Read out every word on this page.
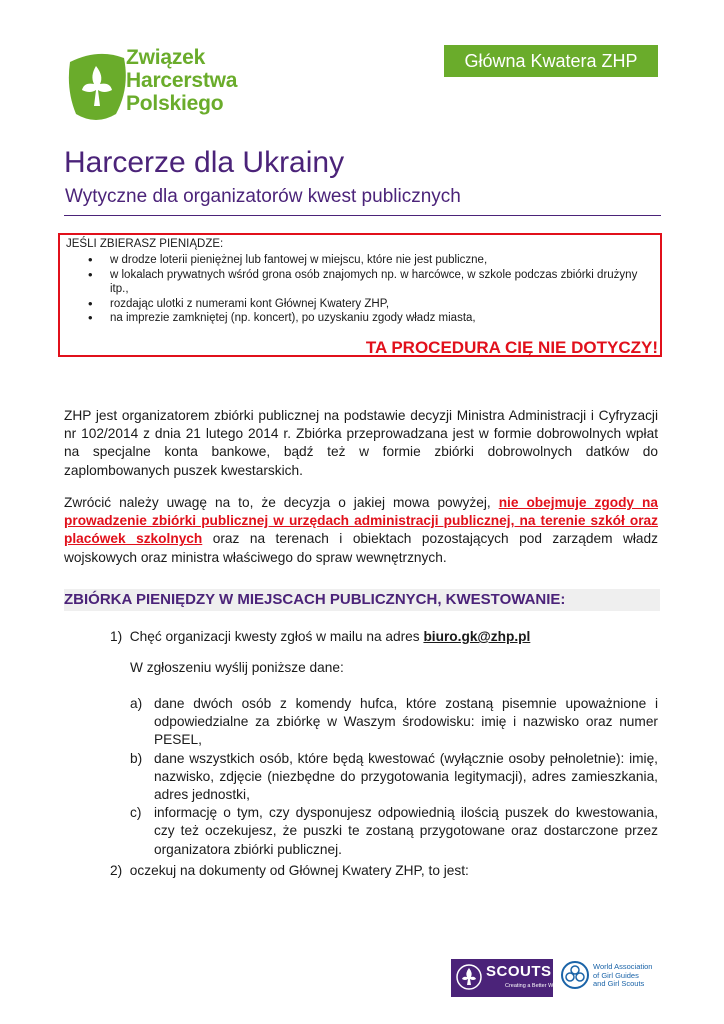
Związek
Harcerstwa
Polskiego
Główna Kwatera ZHP
Harcerze dla Ukrainy
Wytyczne dla organizatorów kwest publicznych
JEŚLI ZBIERASZ PIENIĄDZE:
• w drodze loterii pieniężnej lub fantowej w miejscu, które nie jest publiczne,
• w lokalach prywatnych wśród grona osób znajomych np. w harcówce, w szkole podczas zbiórki drużyny itp.,
• rozdając ulotki z numerami kont Głównej Kwatery ZHP,
• na imprezie zamkniętej (np. koncert), po uzyskaniu zgody władz miasta,
TA PROCEDURA CIĘ NIE DOTYCZY!
ZHP jest organizatorem zbiórki publicznej na podstawie decyzji Ministra Administracji i Cyfryzacji nr 102/2014 z dnia 21 lutego 2014 r. Zbiórka przeprowadzana jest w formie dobrowolnych wpłat na specjalne konta bankowe, bądź też w formie zbiórki dobrowolnych datków do zaplombowanych puszek kwestarskich.
Zwrócić należy uwagę na to, że decyzja o jakiej mowa powyżej, nie obejmuje zgody na prowadzenie zbiórki publicznej w urzędach administracji publicznej, na terenie szkół oraz placówek szkolnych oraz na terenach i obiektach pozostających pod zarządem władz wojskowych oraz ministra właściwego do spraw wewnętrznych.
ZBIÓRKA PIENIĘDZY W MIEJSCACH PUBLICZNYCH, KWESTOWANIE:
1) Chęć organizacji kwesty zgłoś w mailu na adres biuro.gk@zhp.pl
W zgłoszeniu wyślij poniższe dane:
a) dane dwóch osób z komendy hufca, które zostaną pisemnie upoważnione i odpowiedzialne za zbiórkę w Waszym środowisku: imię i nazwisko oraz numer PESEL,
b) dane wszystkich osób, które będą kwestować (wyłącznie osoby pełnoletnie): imię, nazwisko, zdjęcie (niezbędne do przygotowania legitymacji), adres zamieszkania, adres jednostki,
c) informację o tym, czy dysponujesz odpowiednią ilością puszek do kwestowania, czy też oczekujesz, że puszki te zostaną przygotowane oraz dostarczone przez organizatora zbiórki publicznej.
2) oczekuj na dokumenty od Głównej Kwatery ZHP, to jest:
SCOUTS
Creating a Better World
World Association
of Girl Guides
and Girl Scouts
